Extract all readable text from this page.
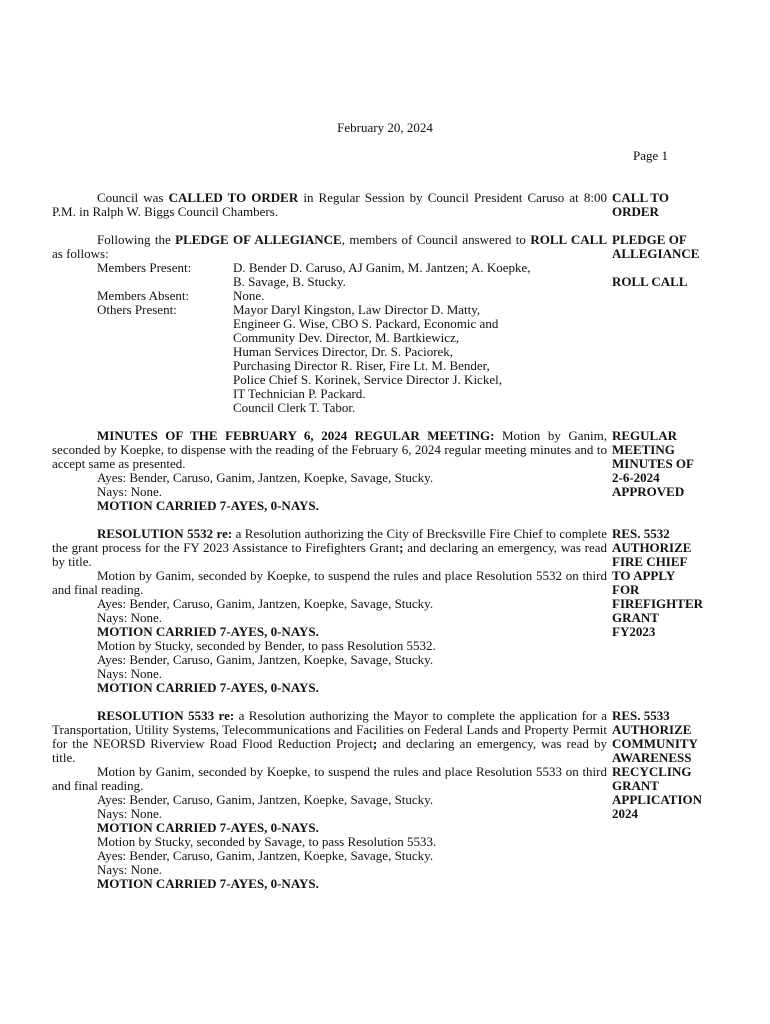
February 20, 2024
Page 1

Council was CALLED TO ORDER in Regular Session by Council President Caruso at 8:00 P.M. in Ralph W. Biggs Council Chambers.

CALL TO
ORDER

Following the PLEDGE OF ALLEGIANCE, members of Council answered to ROLL CALL as follows:

Members Present:	D. Bender D. Caruso, AJ Ganim, M. Jantzen; A. Koepke,
B. Savage, B. Stucky.
Members Absent:	None.
Others Present:	Mayor Daryl Kingston, Law Director D. Matty,
Engineer G. Wise, CBO S. Packard, Economic and
Community Dev. Director, M. Bartkiewicz,
Human Services Director, Dr. S. Paciorek,
Purchasing Director R. Riser, Fire Lt. M. Bender,
Police Chief S. Korinek, Service Director J. Kickel,
IT Technician P. Packard.
Council Clerk T. Tabor.
PLEDGE OF
ALLEGIANCE
ROLL CALL

MINUTES OF THE FEBRUARY 6, 2024 REGULAR MEETING: Motion by Ganim, seconded by Koepke, to dispense with the reading of the February 6, 2024 regular meeting minutes and to accept same as presented.

Ayes: Bender, Caruso, Ganim, Jantzen, Koepke, Savage, Stucky.
Nays: None.
MOTION CARRIED 7-AYES, 0-NAYS.
REGULAR
MEETING
MINUTES OF
2-6-2024
APPROVED

RESOLUTION 5532 re: a Resolution authorizing the City of Brecksville Fire Chief to complete the grant process for the FY 2023 Assistance to Firefighters Grant; and declaring an emergency, was read by title.

Motion by Ganim, seconded by Koepke, to suspend the rules and place Resolution 5532 on third and final reading.

Ayes: Bender, Caruso, Ganim, Jantzen, Koepke, Savage, Stucky.
Nays: None.
MOTION CARRIED 7-AYES, 0-NAYS.
Motion by Stucky, seconded by Bender, to pass Resolution 5532.
Ayes: Bender, Caruso, Ganim, Jantzen, Koepke, Savage, Stucky.
Nays: None.
MOTION CARRIED 7-AYES, 0-NAYS.
RES. 5532
AUTHORIZE
FIRE CHIEF
TO APPLY
FOR
FIREFIGHTER
GRANT
FY2023

RESOLUTION 5533 re: a Resolution authorizing the Mayor to complete the application for a Transportation, Utility Systems, Telecommunications and Facilities on Federal Lands and Property Permit for the NEORSD Riverview Road Flood Reduction Project; and declaring an emergency, was read by title.

Motion by Ganim, seconded by Koepke, to suspend the rules and place Resolution 5533 on third and final reading.

Ayes: Bender, Caruso, Ganim, Jantzen, Koepke, Savage, Stucky.
Nays: None.
MOTION CARRIED 7-AYES, 0-NAYS.
Motion by Stucky, seconded by Savage, to pass Resolution 5533.
Ayes: Bender, Caruso, Ganim, Jantzen, Koepke, Savage, Stucky.
Nays: None.
MOTION CARRIED 7-AYES, 0-NAYS.
RES. 5533
AUTHORIZE
COMMUNITY
AWARENESS
RECYCLING
GRANT
APPLICATION
2024
